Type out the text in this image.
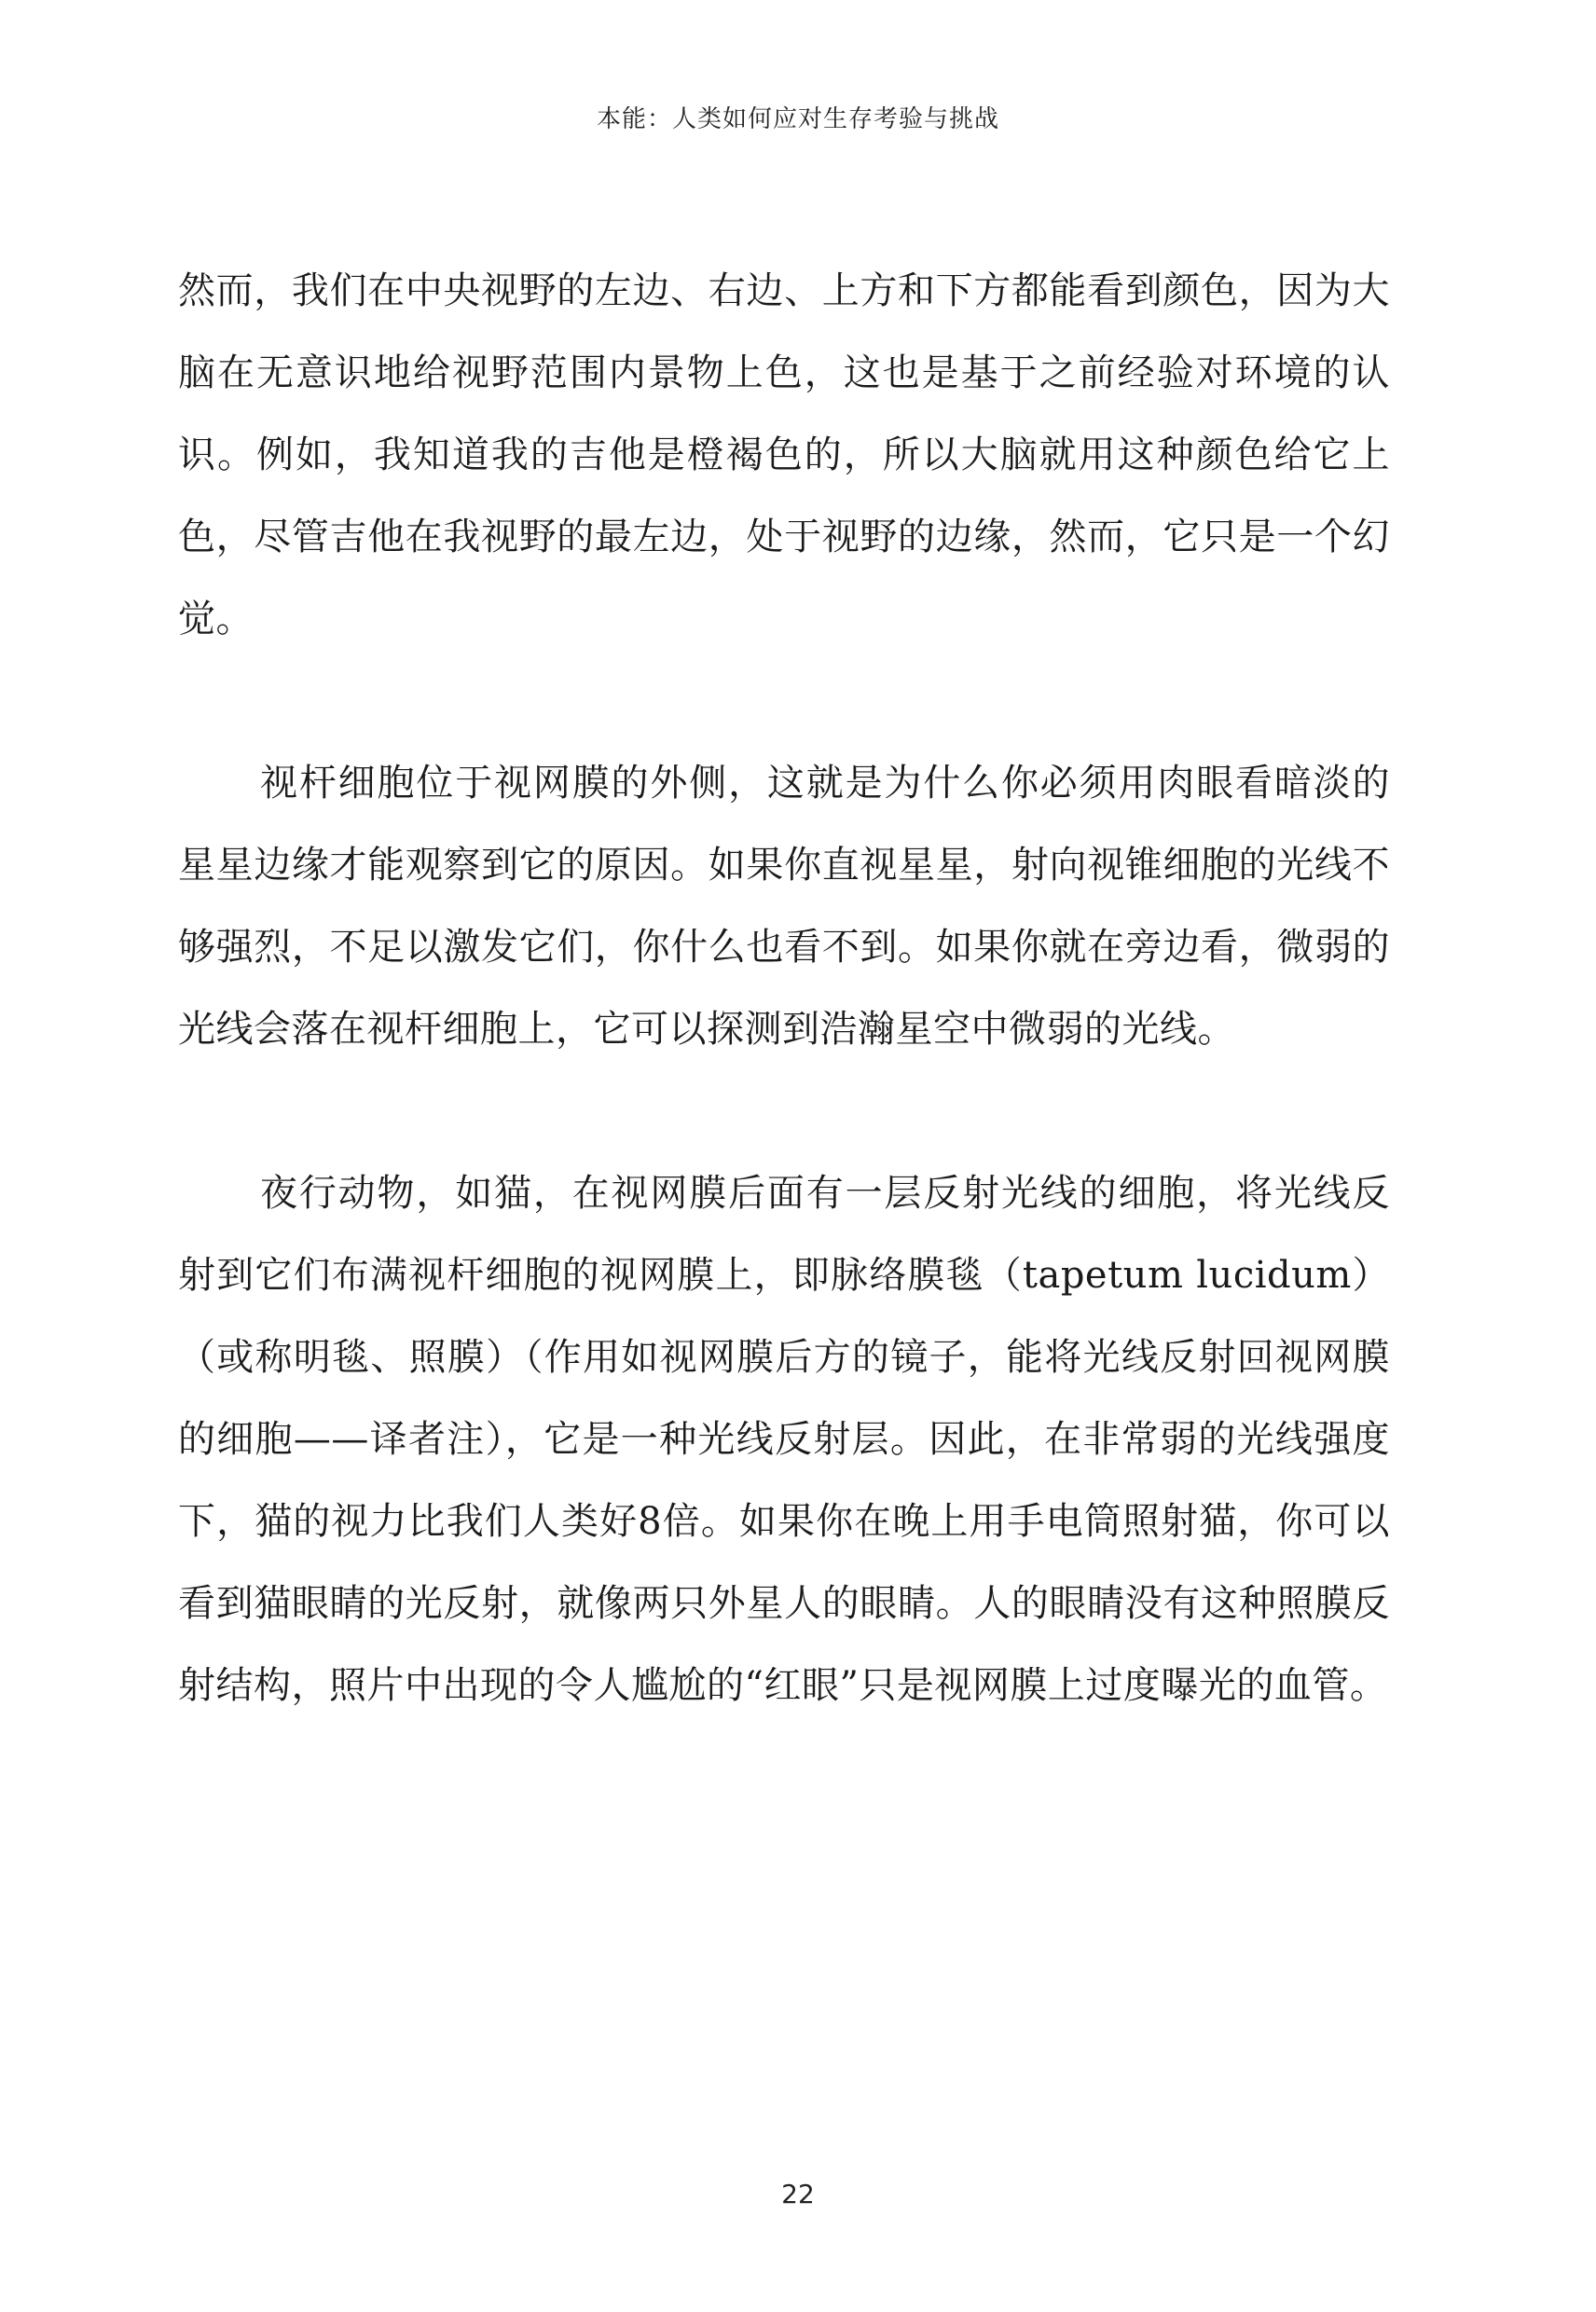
本能：人类如何应对生存考验与挑战

然而，我们在中央视野的左边、右边、上方和下方都能看到颜色，因为大脑在无意识地给视野范围内景物上色，这也是基于之前经验对环境的认识。例如，我知道我的吉他是橙褐色的，所以大脑就用这种颜色给它上色，尽管吉他在我视野的最左边，处于视野的边缘，然而，它只是一个幻觉。

视杆细胞位于视网膜的外侧，这就是为什么你必须用肉眼看暗淡的星星边缘才能观察到它的原因。如果你直视星星，射向视锥细胞的光线不够强烈，不足以激发它们，你什么也看不到。如果你就在旁边看，微弱的光线会落在视杆细胞上，它可以探测到浩瀚星空中微弱的光线。

夜行动物，如猫，在视网膜后面有一层反射光线的细胞，将光线反射到它们布满视杆细胞的视网膜上，即脉络膜毯（tapetum lucidum）（或称明毯、照膜）（作用如视网膜后方的镜子，能将光线反射回视网膜的细胞——译者注），它是一种光线反射层。因此，在非常弱的光线强度下，猫的视力比我们人类好8倍。如果你在晚上用手电筒照射猫，你可以看到猫眼睛的光反射，就像两只外星人的眼睛。人的眼睛没有这种照膜反射结构，照片中出现的令人尴尬的“红眼”只是视网膜上过度曝光的血管。

22
